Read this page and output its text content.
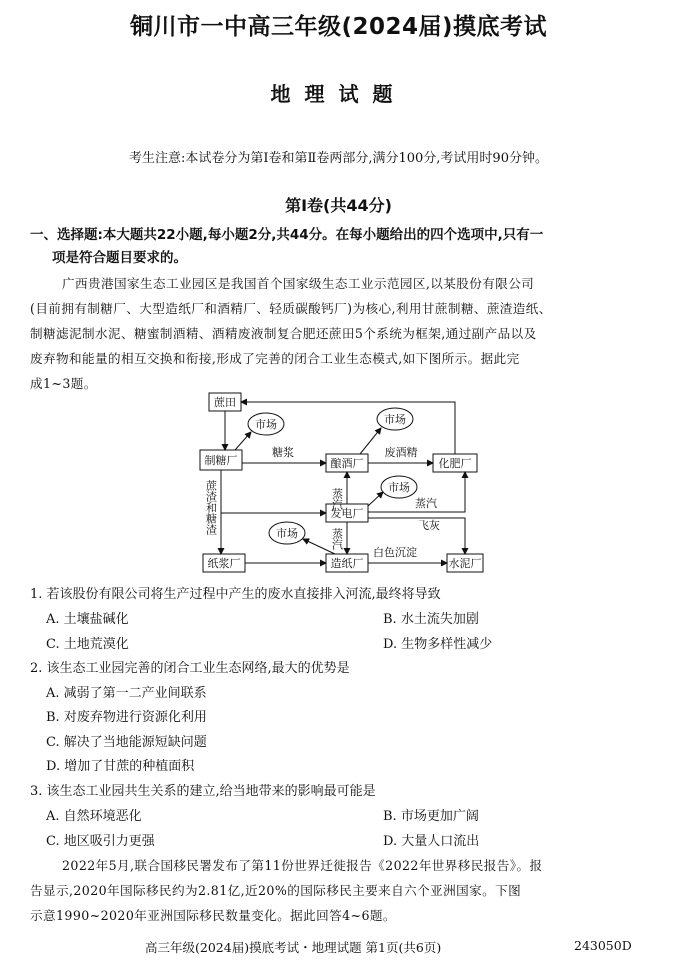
铜川市一中高三年级(2024届)摸底考试
地理试题
考生注意:本试卷分为第Ⅰ卷和第Ⅱ卷两部分,满分100分,考试用时90分钟。
第Ⅰ卷(共44分)
一、选择题:本大题共22小题,每小题2分,共44分。在每小题给出的四个选项中,只有一
项是符合题目要求的。
广西贵港国家生态工业园区是我国首个国家级生态工业示范园区,以某股份有限公司
(目前拥有制糖厂、大型造纸厂和酒精厂、轻质碳酸钙厂)为核心,利用甘蔗制糖、蔗渣造纸、
制糖滤泥制水泥、糖蜜制酒精、酒精废液制复合肥还蔗田5个系统为框架,通过副产品以及
废弃物和能量的相互交换和衔接,形成了完善的闭合工业生态模式,如下图所示。据此完
成1~3题。
蔗田
制糖厂	酿酒厂	化肥厂
发电厂
纸浆厂	造纸厂	水泥厂
市场	市场
市场
市场
糖浆	废酒精
蒸汽
飞灰
白色沉淀
蒸汽
蒸汽
蔗渣和糖渣
1. 若该股份有限公司将生产过程中产生的废水直接排入河流,最终将导致
A. 土壤盐碱化	B. 水土流失加剧
C. 土地荒漠化	D. 生物多样性减少
2. 该生态工业园完善的闭合工业生态网络,最大的优势是
A. 减弱了第一二产业间联系
B. 对废弃物进行资源化利用
C. 解决了当地能源短缺问题
D. 增加了甘蔗的种植面积
3. 该生态工业园共生关系的建立,给当地带来的影响最可能是
A. 自然环境恶化	B. 市场更加广阔
C. 地区吸引力更强	D. 大量人口流出
2022年5月,联合国移民署发布了第11份世界迁徙报告《2022年世界移民报告》。报
告显示,2020年国际移民约为2.81亿,近20%的国际移民主要来自六个亚洲国家。下图
示意1990~2020年亚洲国际移民数量变化。据此回答4~6题。
高三年级(2024届)摸底考试・地理试题 第1页(共6页)	243050D
